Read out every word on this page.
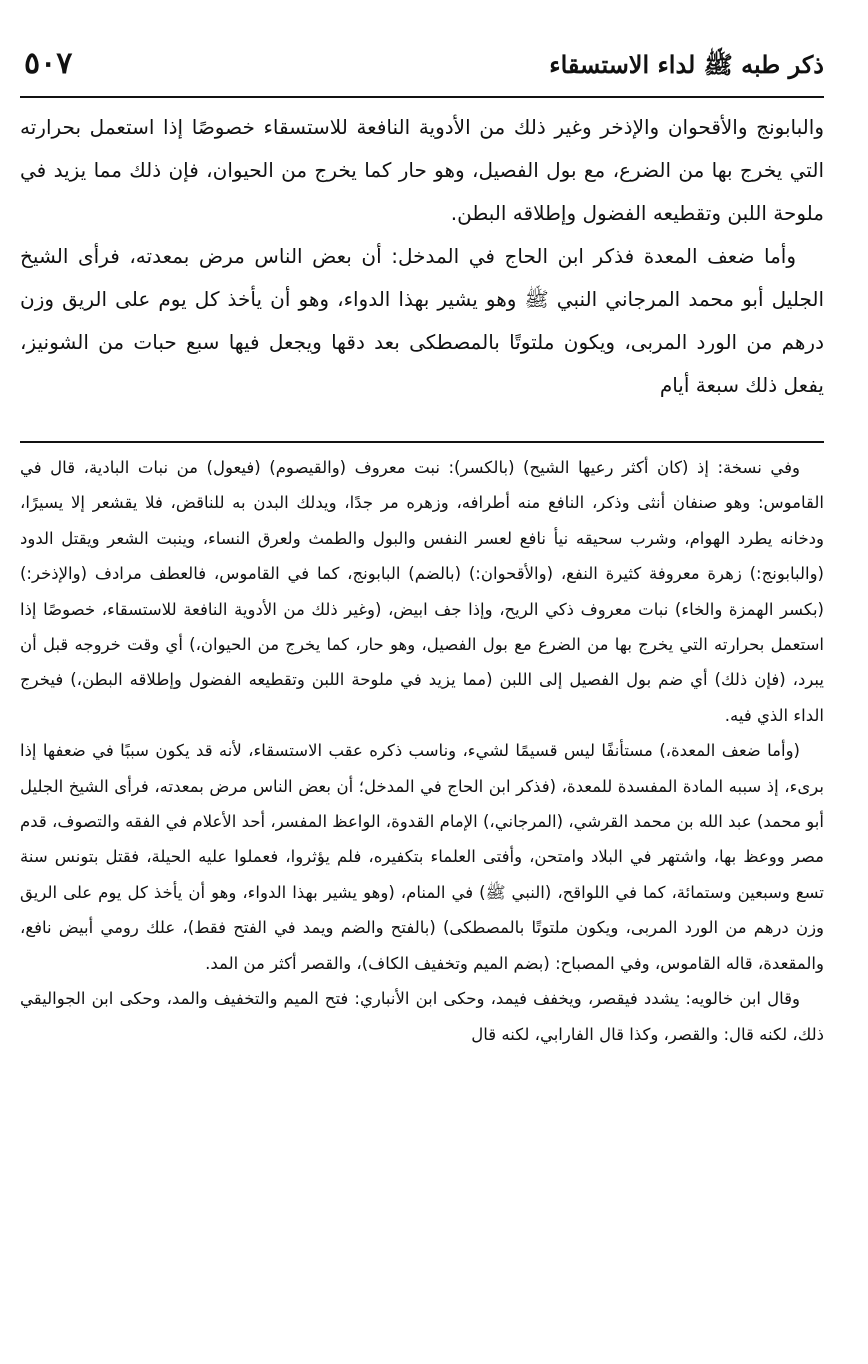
ذكر طبه ﷺ لداء الاستسقاء
٥٠٧

والبابونج والأقحوان والإذخر وغير ذلك من الأدوية النافعة للاستسقاء خصوصًا إذا استعمل بحرارته التي يخرج بها من الضرع، مع بول الفصيل، وهو حار كما يخرج من الحيوان، فإن ذلك مما يزيد في ملوحة اللبن وتقطيعه الفضول وإطلاقه البطن.

وأما ضعف المعدة فذكر ابن الحاج في المدخل: أن بعض الناس مرض بمعدته، فرأى الشيخ الجليل أبو محمد المرجاني النبي ﷺ وهو يشير بهذا الدواء، وهو أن يأخذ كل يوم على الريق وزن درهم من الورد المربى، ويكون ملتوتًا بالمصطكى بعد دقها ويجعل فيها سبع حبات من الشونيز، يفعل ذلك سبعة أيام

وفي نسخة: إذ (كان أكثر رعيها الشيح) (بالكسر): نبت معروف (والقيصوم) (فيعول) من نبات البادية، قال في القاموس: وهو صنفان أنثى وذكر، النافع منه أطرافه، وزهره مر جدًا، ويدلك البدن به للناقض، فلا يقشعر إلا يسيرًا، ودخانه يطرد الهوام، وشرب سحيقه نيأ نافع لعسر النفس والبول والطمث ولعرق النساء، وينبت الشعر ويقتل الدود (والبابونج:) زهرة معروفة كثيرة النفع، (والأقحوان:) (بالضم) البابونج، كما في القاموس، فالعطف مرادف (والإذخر:) (بكسر الهمزة والخاء) نبات معروف ذكي الريح، وإذا جف ابيض، (وغير ذلك من الأدوية النافعة للاستسقاء، خصوصًا إذا استعمل بحرارته التي يخرج بها من الضرع مع بول الفصيل، وهو حار، كما يخرج من الحيوان،) أي وقت خروجه قبل أن يبرد، (فإن ذلك) أي ضم بول الفصيل إلى اللبن (مما يزيد في ملوحة اللبن وتقطيعه الفضول وإطلاقه البطن،) فيخرج الداء الذي فيه.

(وأما ضعف المعدة،) مستأنفًا ليس قسيمًا لشيء، وناسب ذكره عقب الاستسقاء، لأنه قد يكون سببًا في ضعفها إذا برىء، إذ سببه المادة المفسدة للمعدة، (فذكر ابن الحاج في المدخل؛ أن بعض الناس مرض بمعدته، فرأى الشيخ الجليل أبو محمد) عبد الله بن محمد القرشي، (المرجاني،) الإمام القدوة، الواعظ المفسر، أحد الأعلام في الفقه والتصوف، قدم مصر ووعظ بها، واشتهر في البلاد وامتحن، وأفتى العلماء بتكفيره، فلم يؤثروا، فعملوا عليه الحيلة، فقتل بتونس سنة تسع وسبعين وستمائة، كما في اللواقح، (النبي ﷺ) في المنام، (وهو يشير بهذا الدواء، وهو أن يأخذ كل يوم على الريق وزن درهم من الورد المربى، ويكون ملتوتًا بالمصطكى) (بالفتح والضم ويمد في الفتح فقط)، علك رومي أبيض نافع، والمقعدة، قاله القاموس، وفي المصباح: (بضم الميم وتخفيف الكاف)، والقصر أكثر من المد.

وقال ابن خالويه: يشدد فيقصر، ويخفف فيمد، وحكى ابن الأنباري: فتح الميم والتخفيف والمد، وحكى ابن الجواليقي ذلك، لكنه قال: والقصر، وكذا قال الفارابي، لكنه قال
